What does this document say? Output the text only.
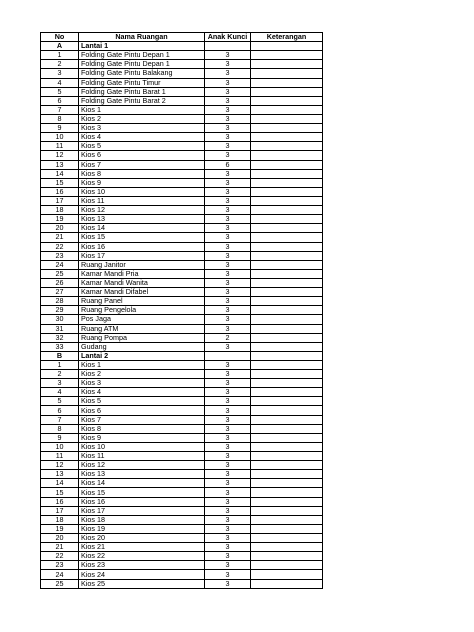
No	Nama Ruangan	Anak Kunci	Keterangan
A	Lantai 1		
1	Folding Gate Pintu Depan 1	3	
2	Folding Gate Pintu Depan 1	3	
3	Folding Gate Pintu Balakang	3	
4	Folding Gate Pintu Timur	3	
5	Folding Gate Pintu Barat 1	3	
6	Folding Gate Pintu Barat 2	3	
7	Kios 1	3	
8	Kios 2	3	
9	Kios 3	3	
10	Kios 4	3	
11	Kios 5	3	
12	Kios 6	3	
13	Kios 7	6	
14	Kios 8	3	
15	Kios 9	3	
16	Kios 10	3	
17	Kios 11	3	
18	Kios 12	3	
19	Kios 13	3	
20	Kios 14	3	
21	Kios 15	3	
22	Kios 16	3	
23	Kios 17	3	
24	Ruang Janitor	3	
25	Kamar Mandi Pria	3	
26	Kamar Mandi Wanita	3	
27	Kamar Mandi Difabel	3	
28	Ruang Panel	3	
29	Ruang Pengelola	3	
30	Pos Jaga	3	
31	Ruang ATM	3	
32	Ruang Pompa	2	
33	Gudang	3	
B	Lantai 2		
1	Kios 1	3	
2	Kios 2	3	
3	Kios 3	3	
4	Kios 4	3	
5	Kios 5	3	
6	Kios 6	3	
7	Kios 7	3	
8	Kios 8	3	
9	Kios 9	3	
10	Kios 10	3	
11	Kios 11	3	
12	Kios 12	3	
13	Kios 13	3	
14	Kios 14	3	
15	Kios 15	3	
16	Kios 16	3	
17	Kios 17	3	
18	Kios 18	3	
19	Kios 19	3	
20	Kios 20	3	
21	Kios 21	3	
22	Kios 22	3	
23	Kios 23	3	
24	Kios 24	3	
25	Kios 25	3	
